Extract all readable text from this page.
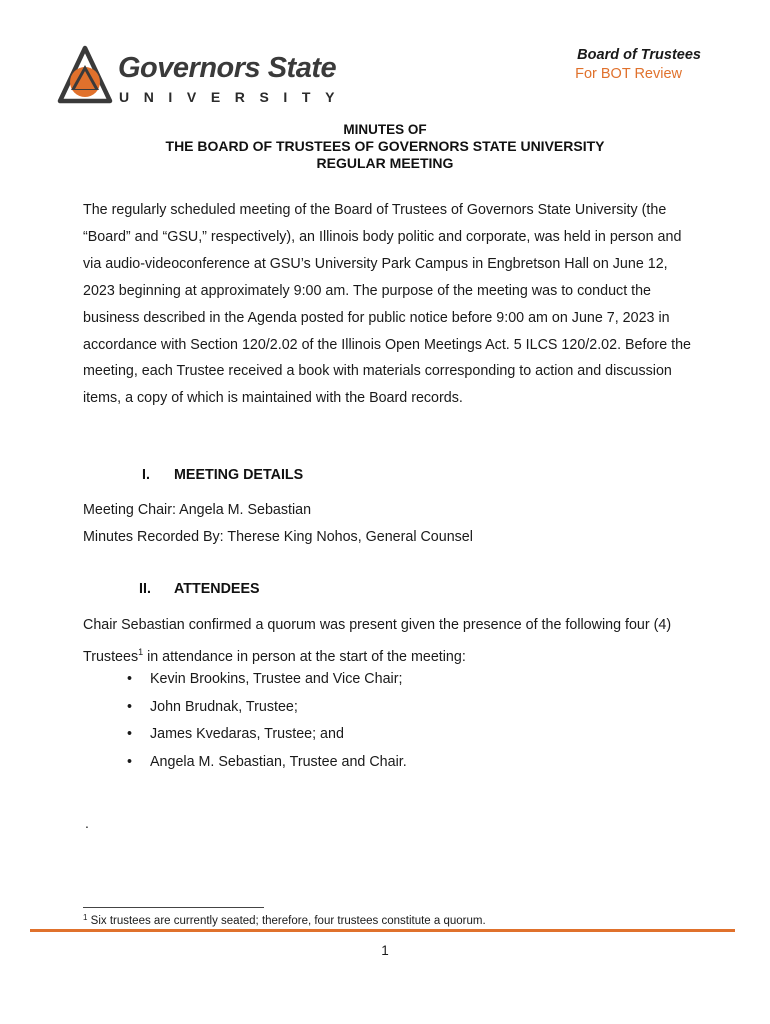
Governors State
UNIVERSITY
Board of Trustees
For BOT Review
MINUTES OF
THE BOARD OF TRUSTEES OF GOVERNORS STATE UNIVERSITY
REGULAR MEETING
The regularly scheduled meeting of the Board of Trustees of Governors State University (the “Board” and “GSU,” respectively), an Illinois body politic and corporate, was held in person and via audio-videoconference at GSU’s University Park Campus in Engbretson Hall on June 12, 2023 beginning at approximately 9:00 am. The purpose of the meeting was to conduct the business described in the Agenda posted for public notice before 9:00 am on June 7, 2023 in accordance with Section 120/2.02 of the Illinois Open Meetings Act. 5 ILCS 120/2.02. Before the meeting, each Trustee received a book with materials corresponding to action and discussion items, a copy of which is maintained with the Board records.
I. MEETING DETAILS
Meeting Chair: Angela M. Sebastian
Minutes Recorded By: Therese King Nohos, General Counsel
II. ATTENDEES
Chair Sebastian confirmed a quorum was present given the presence of the following four (4) Trustees$^1$ in attendance in person at the start of the meeting:
• Kevin Brookins, Trustee and Vice Chair;
• John Brudnak, Trustee;
• James Kvedaras, Trustee; and
• Angela M. Sebastian, Trustee and Chair.
.
$^1$ Six trustees are currently seated; therefore, four trustees constitute a quorum.
1
